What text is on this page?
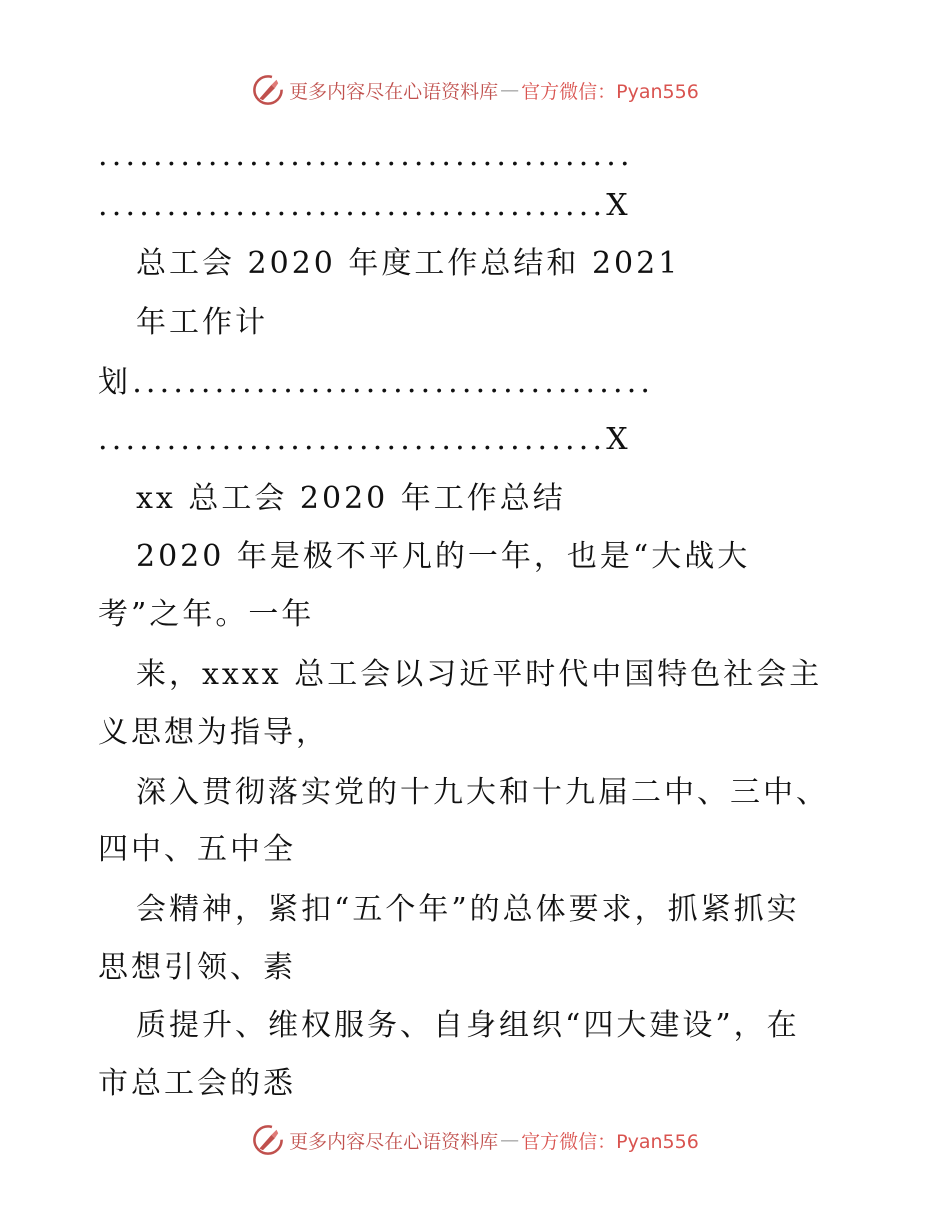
更多内容尽在心语资料库 — 官方微信：Pyan556
.......................................
.....................................X
总工会 2020 年度工作总结和 2021
年工作计
划......................................
.....................................X
xx 总工会 2020 年工作总结
2020 年是极不平凡的一年，也是“大战大
考”之年。一年
来，xxxx 总工会以习近平时代中国特色社会主
义思想为指导，
深入贯彻落实党的十九大和十九届二中、三中、
四中、五中全
会精神，紧扣“五个年”的总体要求，抓紧抓实
思想引领、素
质提升、维权服务、自身组织“四大建设”，在
市总工会的悉
更多内容尽在心语资料库 — 官方微信：Pyan556
